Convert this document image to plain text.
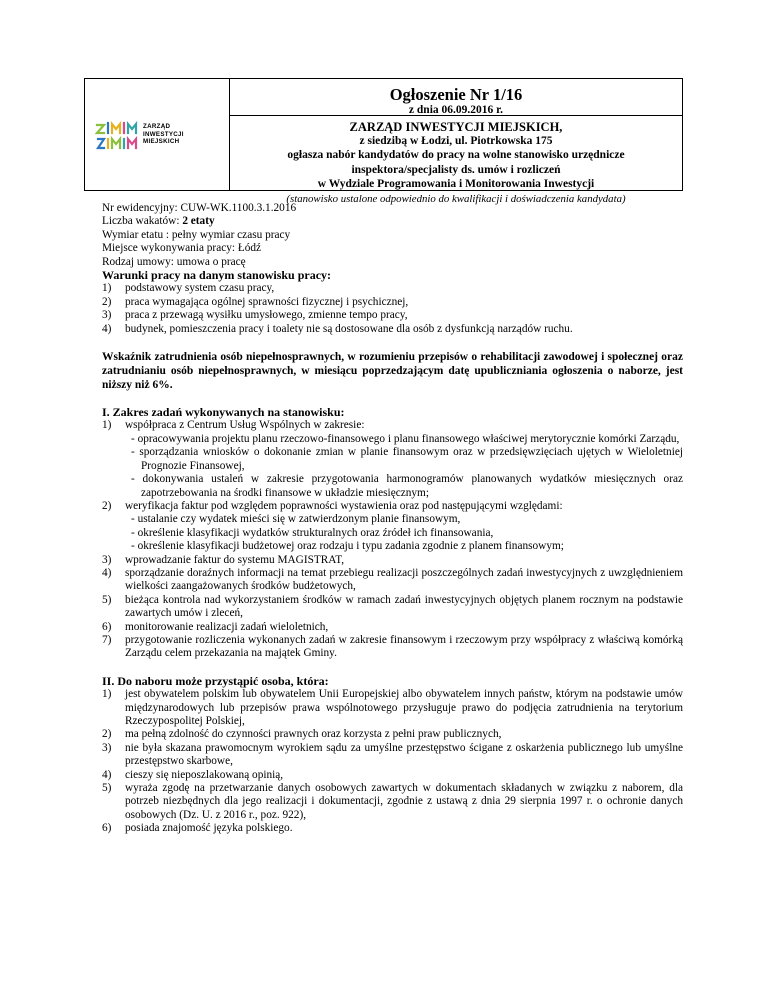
ZARZĄD
INWESTYCJI
MIEJSKICH
Ogłoszenie Nr 1/16
z dnia 06.09.2016 r.
ZARZĄD INWESTYCJI MIEJSKICH,
z siedzibą w Łodzi, ul. Piotrkowska 175
ogłasza nabór kandydatów do pracy na wolne stanowisko urzędnicze
inspektora/specjalisty ds. umów i rozliczeń
w Wydziale Programowania i Monitorowania Inwestycji
(stanowisko ustalone odpowiednio do kwalifikacji i doświadczenia kandydata)

Nr ewidencyjny: CUW-WK.1100.3.1.2016

Liczba wakatów: 2 etaty

Wymiar etatu : pełny wymiar czasu pracy

Miejsce wykonywania pracy: Łódź

Rodzaj umowy: umowa o pracę

Warunki pracy na danym stanowisku pracy:

1) podstawowy system czasu pracy,
2) praca wymagająca ogólnej sprawności fizycznej i psychicznej,
3) praca z przewagą wysiłku umysłowego, zmienne tempo pracy,
4) budynek, pomieszczenia pracy i toalety nie są dostosowane dla osób z dysfunkcją narządów ruchu.

Wskaźnik zatrudnienia osób niepełnosprawnych, w rozumieniu przepisów o rehabilitacji zawodowej i społecznej oraz zatrudnianiu osób niepełnosprawnych, w miesiącu poprzedzającym datę upubliczniania ogłoszenia o naborze, jest niższy niż 6%.

I. Zakres zadań wykonywanych na stanowisku:

1) współpraca z Centrum Usług Wspólnych w zakresie:
- opracowywania projektu planu rzeczowo-finansowego i planu finansowego właściwej merytorycznie komórki Zarządu,
- sporządzania wniosków o dokonanie zmian w planie finansowym oraz w przedsięwzięciach ujętych w Wieloletniej Prognozie Finansowej,
- dokonywania ustaleń w zakresie przygotowania harmonogramów planowanych wydatków miesięcznych oraz zapotrzebowania na środki finansowe w układzie miesięcznym;
2) weryfikacja faktur pod względem poprawności wystawienia oraz pod następującymi względami:
- ustalanie czy wydatek mieści się w zatwierdzonym planie finansowym,
- określenie klasyfikacji wydatków strukturalnych oraz źródeł ich finansowania,
- określenie klasyfikacji budżetowej oraz rodzaju i typu zadania zgodnie z planem finansowym;
3) wprowadzanie faktur do systemu MAGISTRAT,
4) sporządzanie doraźnych informacji na temat przebiegu realizacji poszczególnych zadań inwestycyjnych z uwzględnieniem wielkości zaangażowanych środków budżetowych,
5) bieżąca kontrola nad wykorzystaniem środków w ramach zadań inwestycyjnych objętych planem rocznym na podstawie zawartych umów i zleceń,
6) monitorowanie realizacji zadań wieloletnich,
7) przygotowanie rozliczenia wykonanych zadań w zakresie finansowym i rzeczowym przy współpracy z właściwą komórką Zarządu celem przekazania na majątek Gminy.

II. Do naboru może przystąpić osoba, która:

1) jest obywatelem polskim lub obywatelem Unii Europejskiej albo obywatelem innych państw, którym na podstawie umów międzynarodowych lub przepisów prawa wspólnotowego przysługuje prawo do podjęcia zatrudnienia na terytorium Rzeczypospolitej Polskiej,
2) ma pełną zdolność do czynności prawnych oraz korzysta z pełni praw publicznych,
3) nie była skazana prawomocnym wyrokiem sądu za umyślne przestępstwo ścigane z oskarżenia publicznego lub umyślne przestępstwo skarbowe,
4) cieszy się nieposzlakowaną opinią,
5) wyraża zgodę na przetwarzanie danych osobowych zawartych w dokumentach składanych w związku z naborem, dla potrzeb niezbędnych dla jego realizacji i dokumentacji, zgodnie z ustawą z dnia 29 sierpnia 1997 r. o ochronie danych osobowych (Dz. U. z 2016 r., poz. 922),
6) posiada znajomość języka polskiego.
